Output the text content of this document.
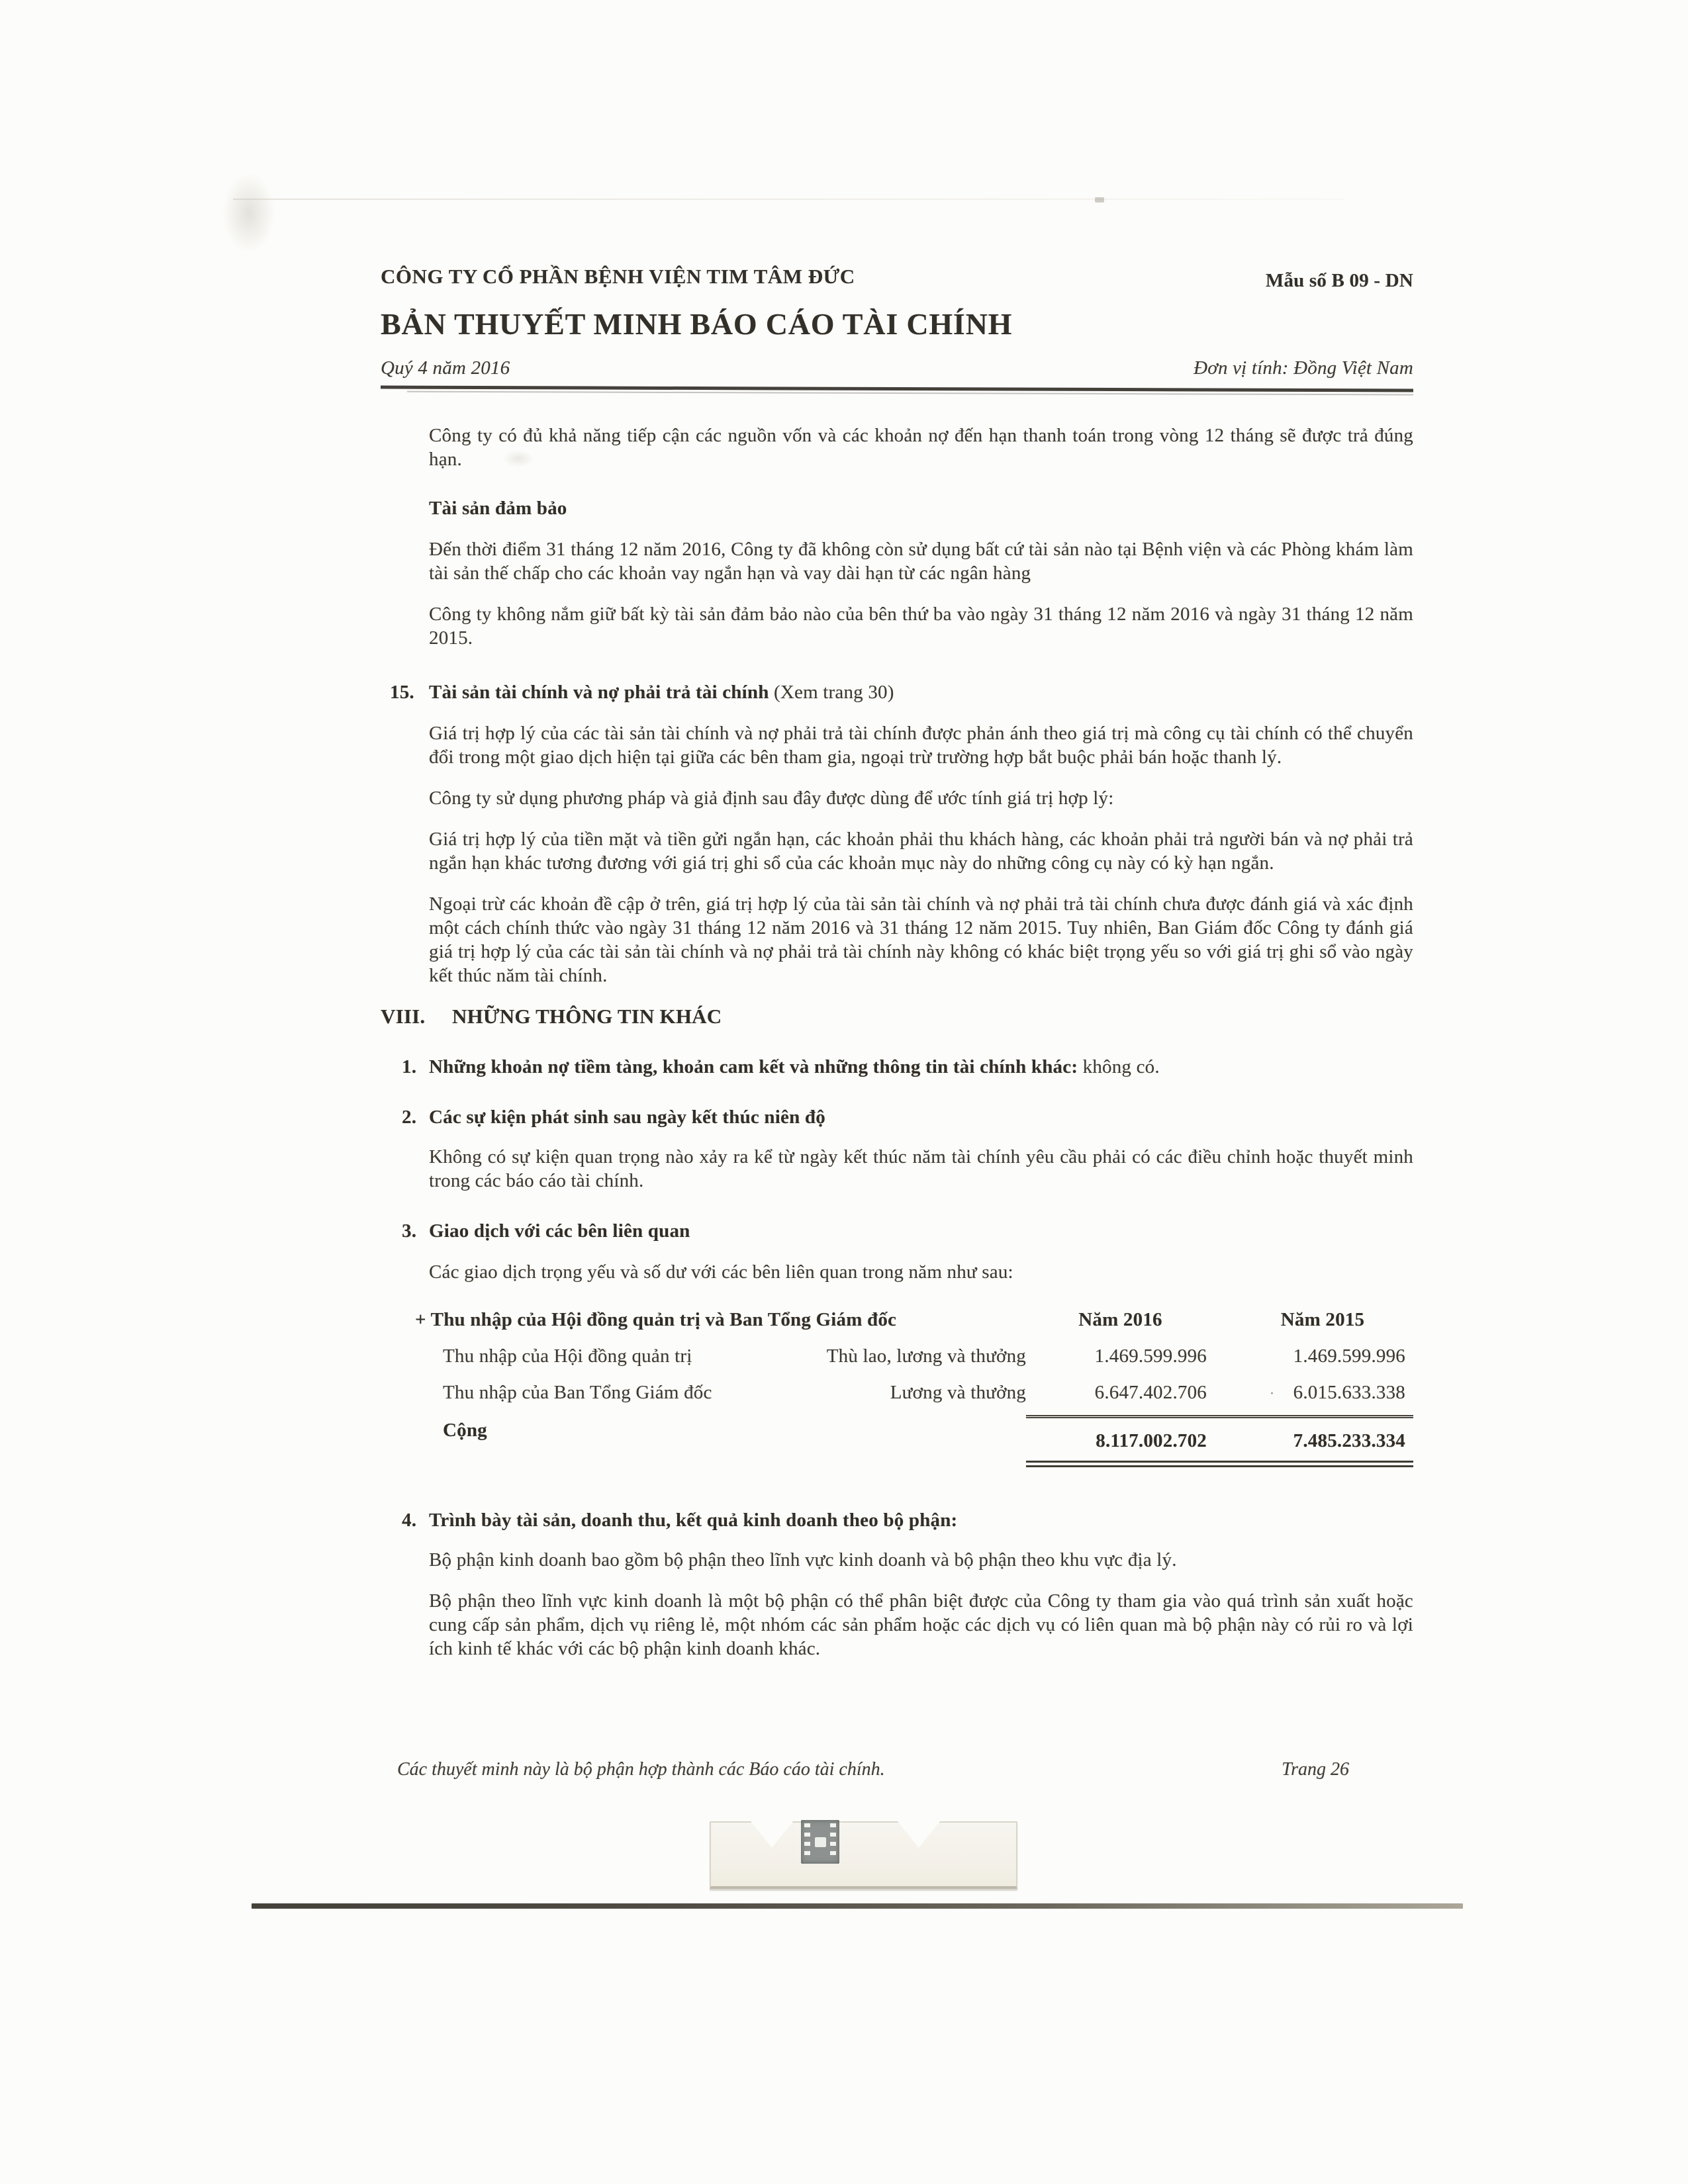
CÔNG TY CỔ PHẦN BỆNH VIỆN TIM TÂM ĐỨC	Mẫu số B 09 - DN
BẢN THUYẾT MINH BÁO CÁO TÀI CHÍNH
Quý 4 năm 2016	Đơn vị tính: Đồng Việt Nam

Công ty có đủ khả năng tiếp cận các nguồn vốn và các khoản nợ đến hạn thanh toán trong vòng 12 tháng sẽ được trả đúng hạn.

Tài sản đảm bảo

Đến thời điểm 31 tháng 12 năm 2016, Công ty đã không còn sử dụng bất cứ tài sản nào tại Bệnh viện và các Phòng khám làm tài sản thế chấp cho các khoản vay ngắn hạn và vay dài hạn từ các ngân hàng

Công ty không nắm giữ bất kỳ tài sản đảm bảo nào của bên thứ ba vào ngày 31 tháng 12 năm 2016 và ngày 31 tháng 12 năm 2015.

15. Tài sản tài chính và nợ phải trả tài chính (Xem trang 30)

Giá trị hợp lý của các tài sản tài chính và nợ phải trả tài chính được phản ánh theo giá trị mà công cụ tài chính có thể chuyển đổi trong một giao dịch hiện tại giữa các bên tham gia, ngoại trừ trường hợp bắt buộc phải bán hoặc thanh lý.

Công ty sử dụng phương pháp và giả định sau đây được dùng để ước tính giá trị hợp lý:

Giá trị hợp lý của tiền mặt và tiền gửi ngắn hạn, các khoản phải thu khách hàng, các khoản phải trả người bán và nợ phải trả ngắn hạn khác tương đương với giá trị ghi sổ của các khoản mục này do những công cụ này có kỳ hạn ngắn.

Ngoại trừ các khoản đề cập ở trên, giá trị hợp lý của tài sản tài chính và nợ phải trả tài chính chưa được đánh giá và xác định một cách chính thức vào ngày 31 tháng 12 năm 2016 và 31 tháng 12 năm 2015. Tuy nhiên, Ban Giám đốc Công ty đánh giá giá trị hợp lý của các tài sản tài chính và nợ phải trả tài chính này không có khác biệt trọng yếu so với giá trị ghi sổ vào ngày kết thúc năm tài chính.

VIII.	NHỮNG THÔNG TIN KHÁC
1. Những khoản nợ tiềm tàng, khoản cam kết và những thông tin tài chính khác: không có.
2. Các sự kiện phát sinh sau ngày kết thúc niên độ

Không có sự kiện quan trọng nào xảy ra kể từ ngày kết thúc năm tài chính yêu cầu phải có các điều chỉnh hoặc thuyết minh trong các báo cáo tài chính.

3. Giao dịch với các bên liên quan

Các giao dịch trọng yếu và số dư với các bên liên quan trong năm như sau:

+ Thu nhập của Hội đồng quản trị và Ban Tổng Giám đốc	Năm 2016	Năm 2015
Thu nhập của Hội đồng quản trị	Thù lao, lương và thưởng	1.469.599.996	1.469.599.996
Thu nhập của Ban Tổng Giám đốc	Lương và thưởng	6.647.402.706	· 6.015.633.338
Cộng	8.117.002.702	7.485.233.334
4. Trình bày tài sản, doanh thu, kết quả kinh doanh theo bộ phận:

Bộ phận kinh doanh bao gồm bộ phận theo lĩnh vực kinh doanh và bộ phận theo khu vực địa lý.

Bộ phận theo lĩnh vực kinh doanh là một bộ phận có thể phân biệt được của Công ty tham gia vào quá trình sản xuất hoặc cung cấp sản phẩm, dịch vụ riêng lẻ, một nhóm các sản phẩm hoặc các dịch vụ có liên quan mà bộ phận này có rủi ro và lợi ích kinh tế khác với các bộ phận kinh doanh khác.

Các thuyết minh này là bộ phận hợp thành các Báo cáo tài chính.	Trang 26
